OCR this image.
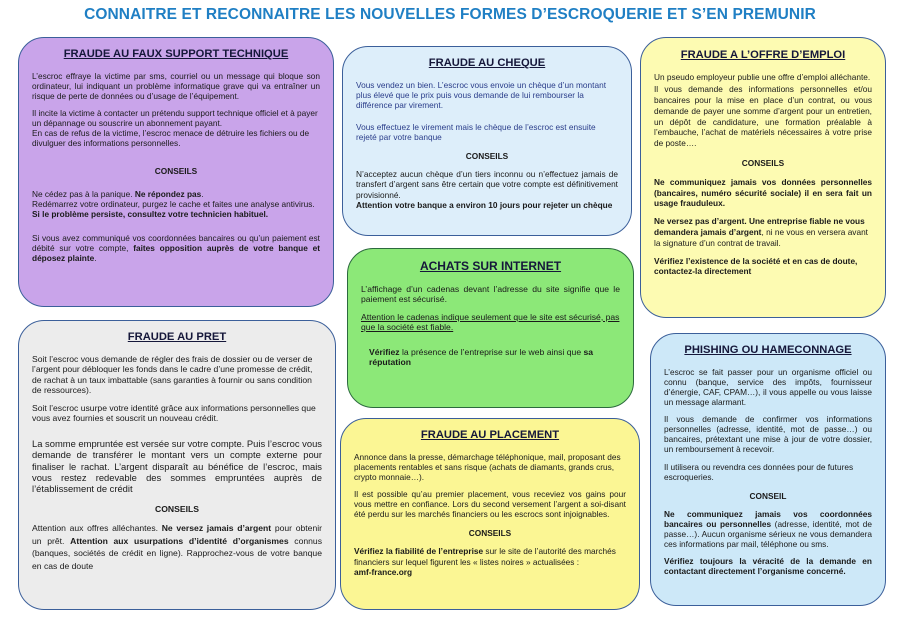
CONNAITRE ET RECONNAITRE LES NOUVELLES FORMES D’ESCROQUERIE ET S’EN PREMUNIR
FRAUDE AU FAUX SUPPORT TECHNIQUE

L’escroc effraye la victime par sms, courriel ou un message qui bloque son ordinateur, lui indiquant un problème informatique grave qui va entraîner un risque de perte de données ou d’usage de l’équipement.

Il incite la victime à contacter un prétendu support technique officiel et à payer un dépannage ou souscrire un abonnement payant.

En cas de refus de la victime, l’escroc menace de détruire les fichiers ou de divulguer des informations personnelles.

CONSEILS

Ne cédez pas à la panique. Ne répondez pas.

Redémarrez votre ordinateur, purgez le cache et faites une analyse antivirus.

Si le problème persiste, consultez votre technicien habituel.

Si vous avez communiqué vos coordonnées bancaires ou qu’un paiement est débité sur votre compte, faites opposition auprès de votre banque et déposez plainte.

FRAUDE AU CHEQUE

Vous vendez un bien. L’escroc vous envoie un chèque d’un montant plus élevé que le prix puis vous demande de lui rembourser la différence par virement.

Vous effectuez le virement mais le chèque de l’escroc est ensuite rejeté par votre banque

CONSEILS

N’acceptez aucun chèque d’un tiers inconnu ou n’effectuez jamais de transfert d’argent sans être certain que votre compte est définitivement provisionné.

Attention votre banque a environ 10 jours pour rejeter un chèque

FRAUDE A L’OFFRE D’EMPLOI

Un pseudo employeur publie une offre d’emploi alléchante.

Il vous demande des informations personnelles et/ou bancaires pour la mise en place d’un contrat, ou vous demande de payer une somme d’argent pour un entretien, un dépôt de candidature, une formation préalable à l’embauche, l’achat de matériels nécessaires à votre prise de poste….

CONSEILS

Ne communiquez jamais vos données personnelles (bancaires, numéro sécurité sociale) il en sera fait un usage frauduleux.

Ne versez pas d’argent. Une entreprise fiable ne vous demandera jamais d’argent, ni ne vous en versera avant la signature d’un contrat de travail.

Vérifiez l’existence de la société et en cas de doute, contactez-la directement

ACHATS SUR INTERNET

L’affichage d’un cadenas devant l’adresse du site signifie que le paiement est sécurisé.

Attention le cadenas indique seulement que le site est sécurisé, pas que la société est fiable.

Vérifiez la présence de l’entreprise sur le web ainsi que sa réputation

FRAUDE AU PRET

Soit l’escroc vous demande de régler des frais de dossier ou de verser de l’argent pour débloquer les fonds dans le cadre d’une promesse de crédit, de rachat à un taux imbattable (sans garanties à fournir ou sans condition de ressources).

Soit l’escroc usurpe votre identité grâce aux informations personnelles que vous avez fournies et souscrit un nouveau crédit.

La somme empruntée est versée sur votre compte. Puis l’escroc vous demande de transférer le montant vers un compte externe pour finaliser le rachat. L’argent disparaît au bénéfice de l’escroc, mais vous restez redevable des sommes empruntées auprès de l’établissement de crédit

CONSEILS

Attention aux offres alléchantes. Ne versez jamais d’argent pour obtenir un prêt. Attention aux usurpations d’identité d’organismes connus (banques, sociétés de crédit en ligne). Rapprochez-vous de votre banque en cas de doute

FRAUDE AU PLACEMENT

Annonce dans la presse, démarchage téléphonique, mail, proposant des placements rentables et sans risque (achats de diamants, grands crus, crypto monnaie…).

Il est possible qu’au premier placement, vous receviez vos gains pour vous mettre en confiance. Lors du second versement l’argent a soi-disant été perdu sur les marchés financiers ou les escrocs sont injoignables.

CONSEILS

Vérifiez la fiabilité de l’entreprise sur le site de l’autorité des marchés financiers sur lequel figurent les « listes noires » actualisées :

amf-france.org

PHISHING OU HAMECONNAGE

L’escroc se fait passer pour un organisme officiel ou connu (banque, service des impôts, fournisseur d’énergie, CAF, CPAM…), il vous appelle ou vous laisse un message alarmant.

Il vous demande de confirmer vos informations personnelles (adresse, identité, mot de passe…) ou bancaires, prétextant une mise à jour de votre dossier, un remboursement à recevoir.

Il utilisera ou revendra ces données pour de futures escroqueries.

CONSEIL

Ne communiquez jamais vos coordonnées bancaires ou personnelles (adresse, identité, mot de passe…). Aucun organisme sérieux ne vous demandera ces informations par mail, téléphone ou sms.

Vérifiez toujours la véracité de la demande en contactant directement l’organisme concerné.
